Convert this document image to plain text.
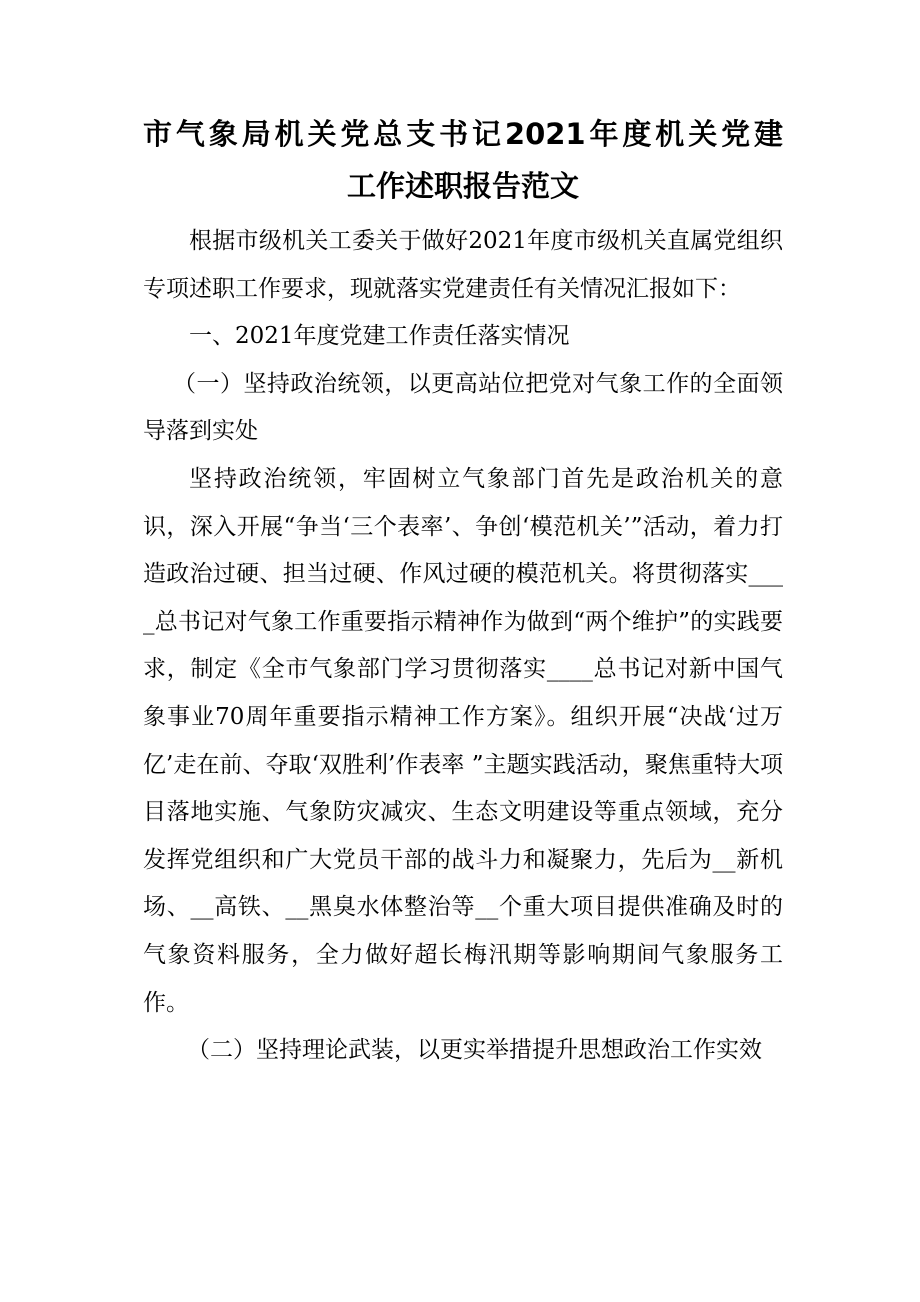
市气象局机关党总支书记2021年度机关党建
工作述职报告范文

根据市级机关工委关于做好2021年度市级机关直属党组织专项述职工作要求，现就落实党建责任有关情况汇报如下：

一、2021年度党建工作责任落实情况

（一）坚持政治统领，以更高站位把党对气象工作的全面领导落到实处

坚持政治统领，牢固树立气象部门首先是政治机关的意识，深入开展“争当‘三个表率’、争创‘模范机关’”活动，着力打造政治过硬、担当过硬、作风过硬的模范机关。将贯彻落实____总书记对气象工作重要指示精神作为做到“两个维护”的实践要求，制定《全市气象部门学习贯彻落实____总书记对新中国气象事业70周年重要指示精神工作方案》。组织开展“决战‘过万亿’走在前、夺取‘双胜利’作表率 ”主题实践活动，聚焦重特大项目落地实施、气象防灾减灾、生态文明建设等重点领域，充分发挥党组织和广大党员干部的战斗力和凝聚力，先后为__新机场、__高铁、__黑臭水体整治等__个重大项目提供准确及时的气象资料服务，全力做好超长梅汛期等影响期间气象服务工作。

（二）坚持理论武装，以更实举措提升思想政治工作实效
